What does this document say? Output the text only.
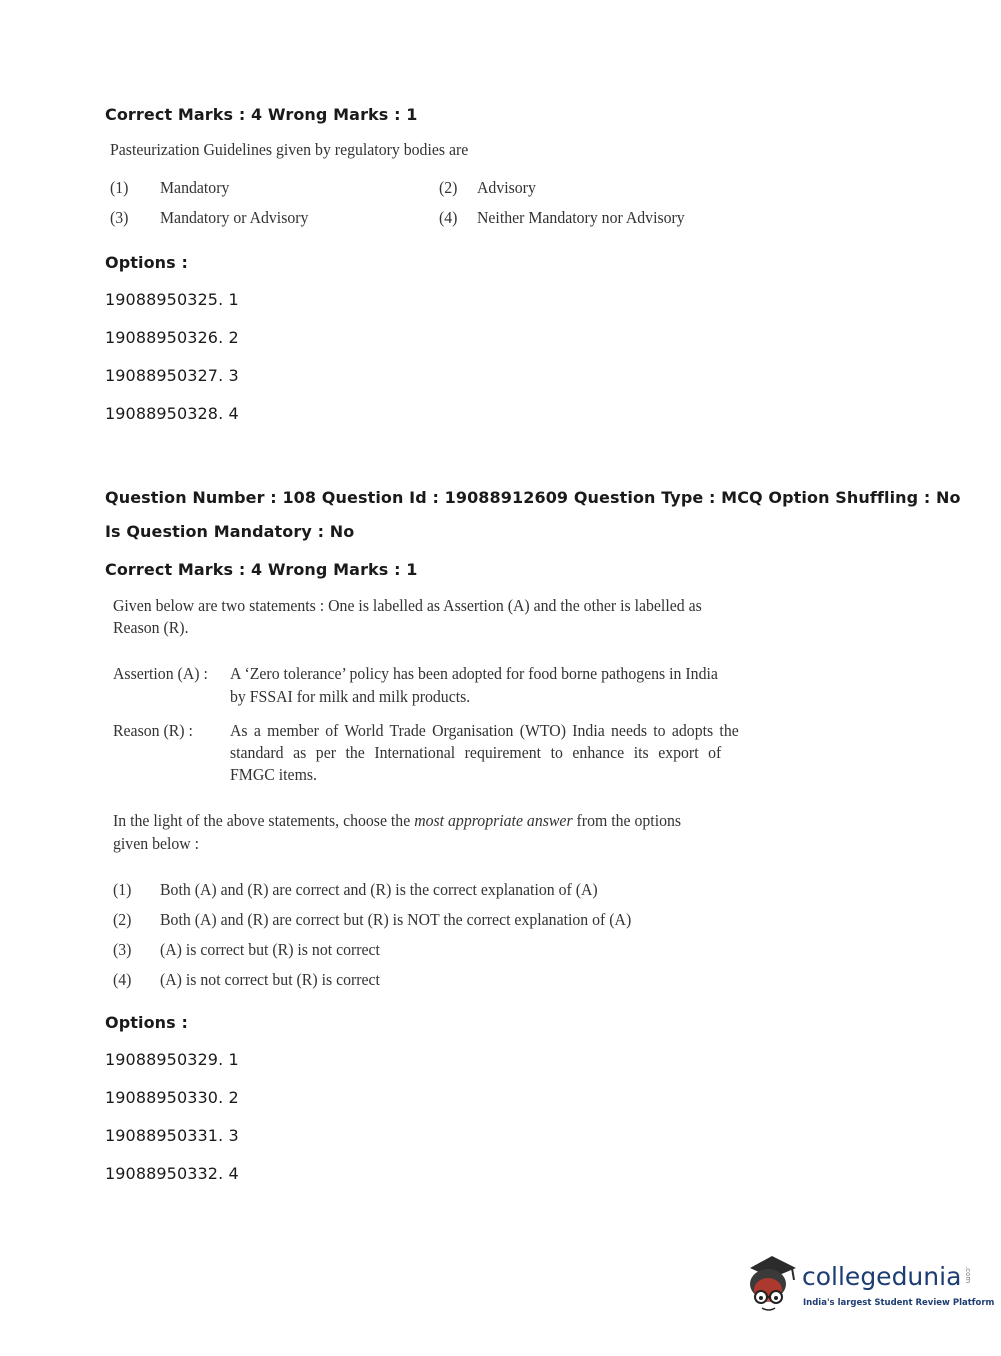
Correct Marks : 4 Wrong Marks : 1
Pasteurization Guidelines given by regulatory bodies are
(1) Mandatory	(2) Advisory
(3) Mandatory or Advisory	(4) Neither Mandatory nor Advisory
Options :
19088950325. 1
19088950326. 2
19088950327. 3
19088950328. 4
Question Number : 108 Question Id : 19088912609 Question Type : MCQ Option Shuffling : No
Is Question Mandatory : No
Correct Marks : 4 Wrong Marks : 1
Given below are two statements : One is labelled as Assertion (A) and the other is labelled as
Reason (R).
Assertion (A) : A ‘Zero tolerance’ policy has been adopted for food borne pathogens in India
by FSSAI for milk and milk products.
Reason (R) : As a member of World Trade Organisation (WTO) India needs to adopts the
standard as per the International requirement to enhance its export of
FMGC items.
In the light of the above statements, choose the most appropriate answer from the options
given below :
(1) Both (A) and (R) are correct and (R) is the correct explanation of (A)
(2) Both (A) and (R) are correct but (R) is NOT the correct explanation of (A)
(3) (A) is correct but (R) is not correct
(4) (A) is not correct but (R) is correct
Options :
19088950329. 1
19088950330. 2
19088950331. 3
19088950332. 4
collegedunia .com
India's largest Student Review Platform
